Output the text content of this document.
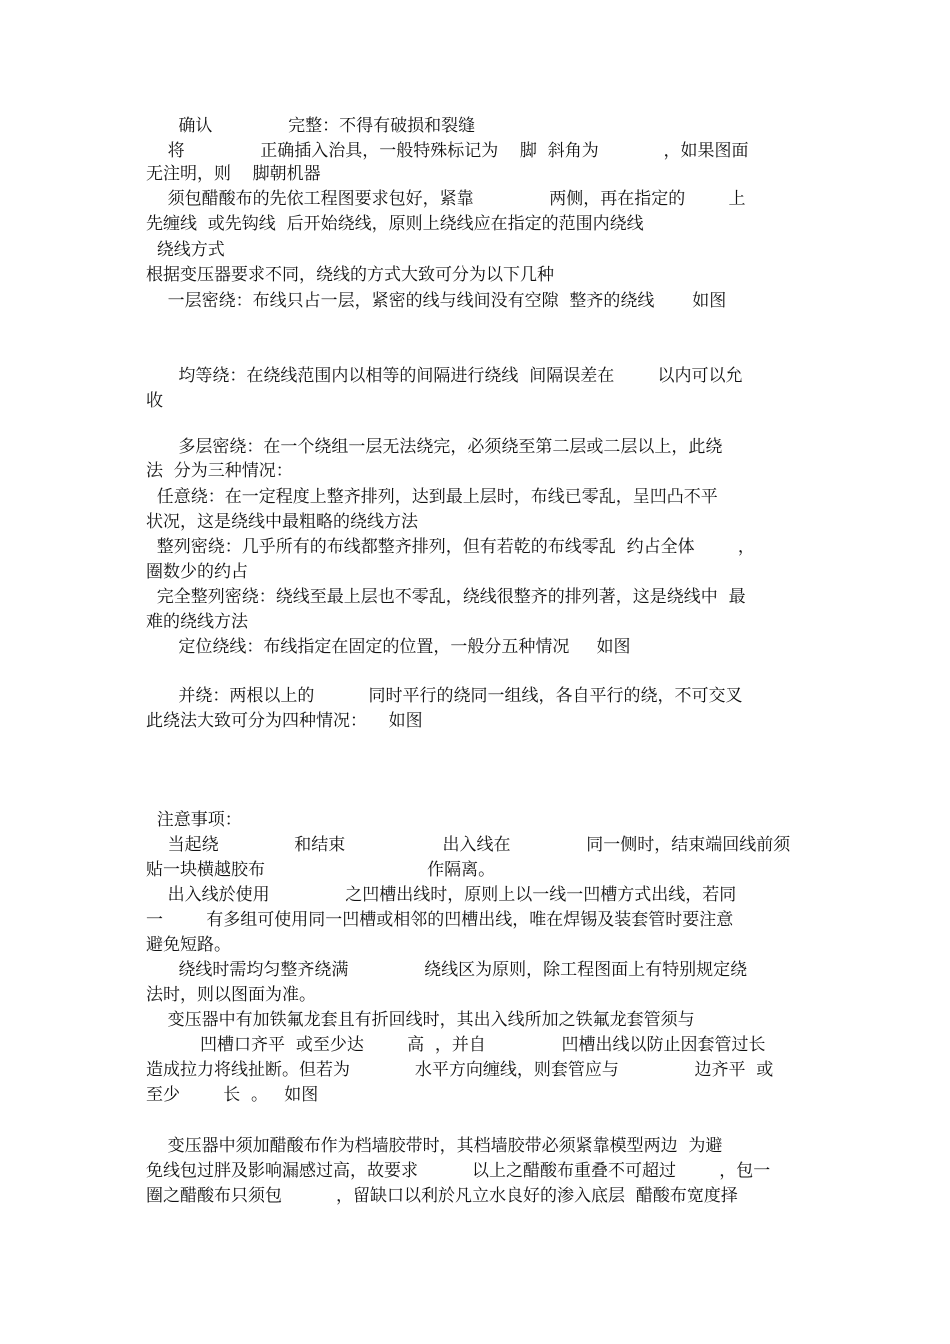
确认              完整：不得有破损和裂缝
将              正确插入治具，一般特殊标记为    脚  斜角为            ，如果图面
无注明，则    脚朝机器
须包醋酸布的先依工程图要求包好，紧靠              两侧，再在指定的        上
先缠线  或先钩线  后开始绕线，原则上绕线应在指定的范围内绕线
绕线方式
根据变压器要求不同，绕线的方式大致可分为以下几种
一层密绕：布线只占一层，紧密的线与线间没有空隙  整齐的绕线       如图
均等绕：在绕线范围内以相等的间隔进行绕线  间隔误差在        以内可以允
收
多层密绕：在一个绕组一层无法绕完，必须绕至第二层或二层以上，此绕
法  分为三种情况：
任意绕：在一定程度上整齐排列，达到最上层时，布线已零乱，呈凹凸不平
状况，这是绕线中最粗略的绕线方法
整列密绕：几乎所有的布线都整齐排列，但有若乾的布线零乱  约占全体        ，
圈数少的约占
完全整列密绕：绕线至最上层也不零乱，绕线很整齐的排列著，这是绕线中  最
难的绕线方法
定位绕线：布线指定在固定的位置，一般分五种情况     如图
并绕：两根以上的          同时平行的绕同一组线，各自平行的绕，不可交叉
此绕法大致可分为四种情况：    如图
注意事项：
当起绕              和结束                  出入线在              同一侧时，结束端回线前须
贴一块横越胶布                              作隔离。
出入线於使用              之凹槽出线时，原则上以一线一凹槽方式出线，若同
一        有多组可使用同一凹槽或相邻的凹槽出线，唯在焊锡及装套管时要注意
避免短路。
绕线时需均匀整齐绕满              绕线区为原则，除工程图面上有特别规定绕
法时，则以图面为准。
变压器中有加铁氟龙套且有折回线时，其出入线所加之铁氟龙套管须与
凹槽口齐平  或至少达        高  ，并自              凹槽出线以防止因套管过长
造成拉力将线扯断。但若为            水平方向缠线，则套管应与              边齐平  或
至少        长  。   如图
变压器中须加醋酸布作为档墙胶带时，其档墙胶带必须紧靠模型两边  为避
免线包过胖及影响漏感过高，故要求          以上之醋酸布重叠不可超过        ，包一
圈之醋酸布只须包          ，留缺口以利於凡立水良好的渗入底层  醋酸布宽度择
